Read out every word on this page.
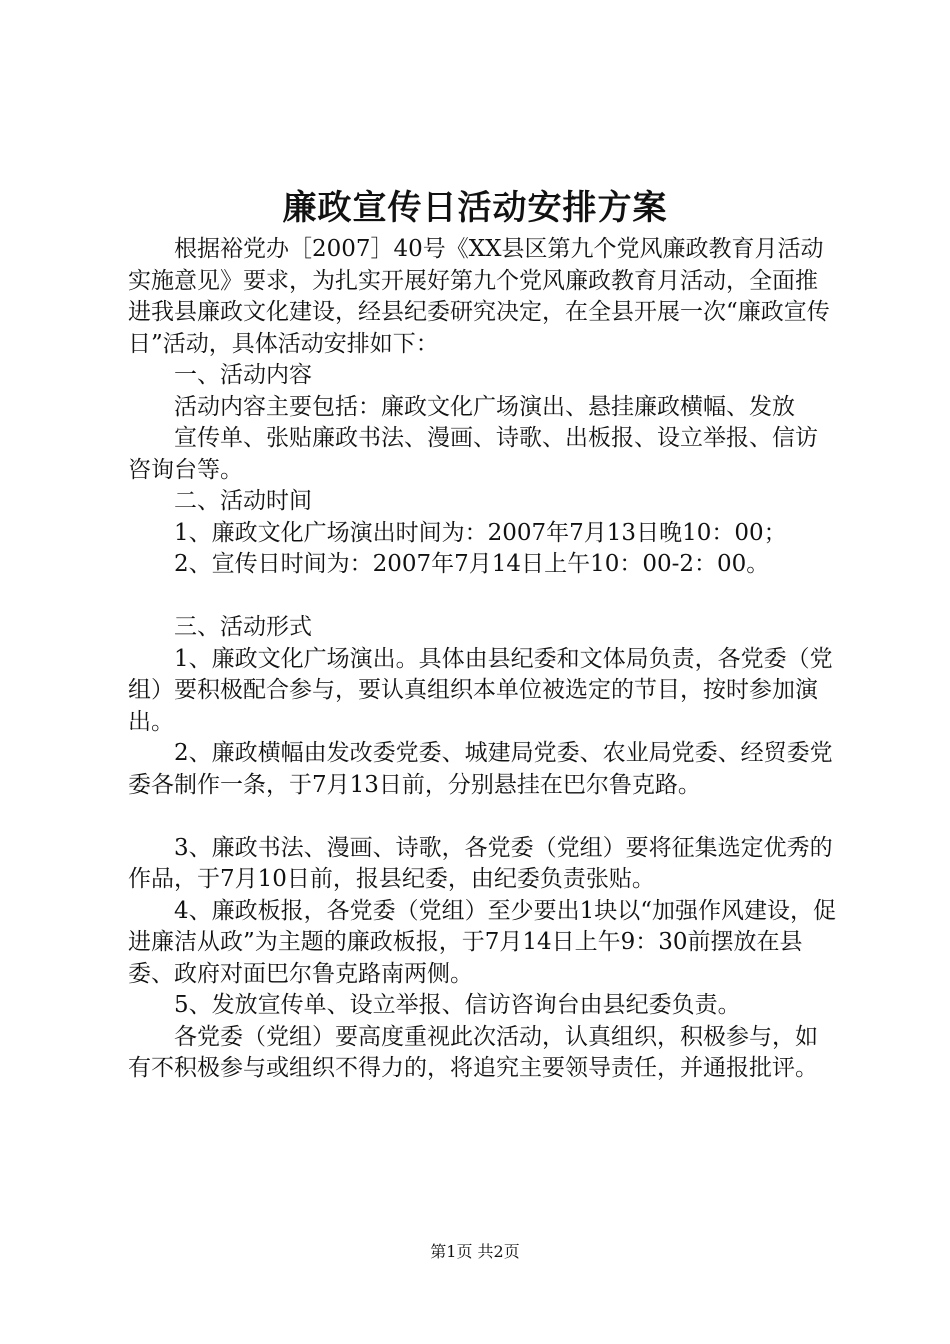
廉政宣传日活动安排方案

根据裕党办［2007］40号《XX县区第九个党风廉政教育月活动实施意见》要求，为扎实开展好第九个党风廉政教育月活动，全面推进我县廉政文化建设，经县纪委研究决定，在全县开展一次“廉政宣传日”活动，具体活动安排如下：

一、活动内容

活动内容主要包括：廉政文化广场演出、悬挂廉政横幅、发放

宣传单、张贴廉政书法、漫画、诗歌、出板报、设立举报、信访咨询台等。

二、活动时间

1、廉政文化广场演出时间为：2007年7月13日晚10：00；

2、宣传日时间为：2007年7月14日上午10：00-2：00。

三、活动形式

1、廉政文化广场演出。具体由县纪委和文体局负责，各党委（党组）要积极配合参与，要认真组织本单位被选定的节目，按时参加演出。

2、廉政横幅由发改委党委、城建局党委、农业局党委、经贸委党委各制作一条，于7月13日前，分别悬挂在巴尔鲁克路。

3、廉政书法、漫画、诗歌，各党委（党组）要将征集选定优秀的作品，于7月10日前，报县纪委，由纪委负责张贴。

4、廉政板报，各党委（党组）至少要出1块以“加强作风建设，促进廉洁从政”为主题的廉政板报，于7月14日上午9：30前摆放在县委、政府对面巴尔鲁克路南两侧。

5、发放宣传单、设立举报、信访咨询台由县纪委负责。

各党委（党组）要高度重视此次活动，认真组织，积极参与，如有不积极参与或组织不得力的，将追究主要领导责任，并通报批评。

第1页 共2页
